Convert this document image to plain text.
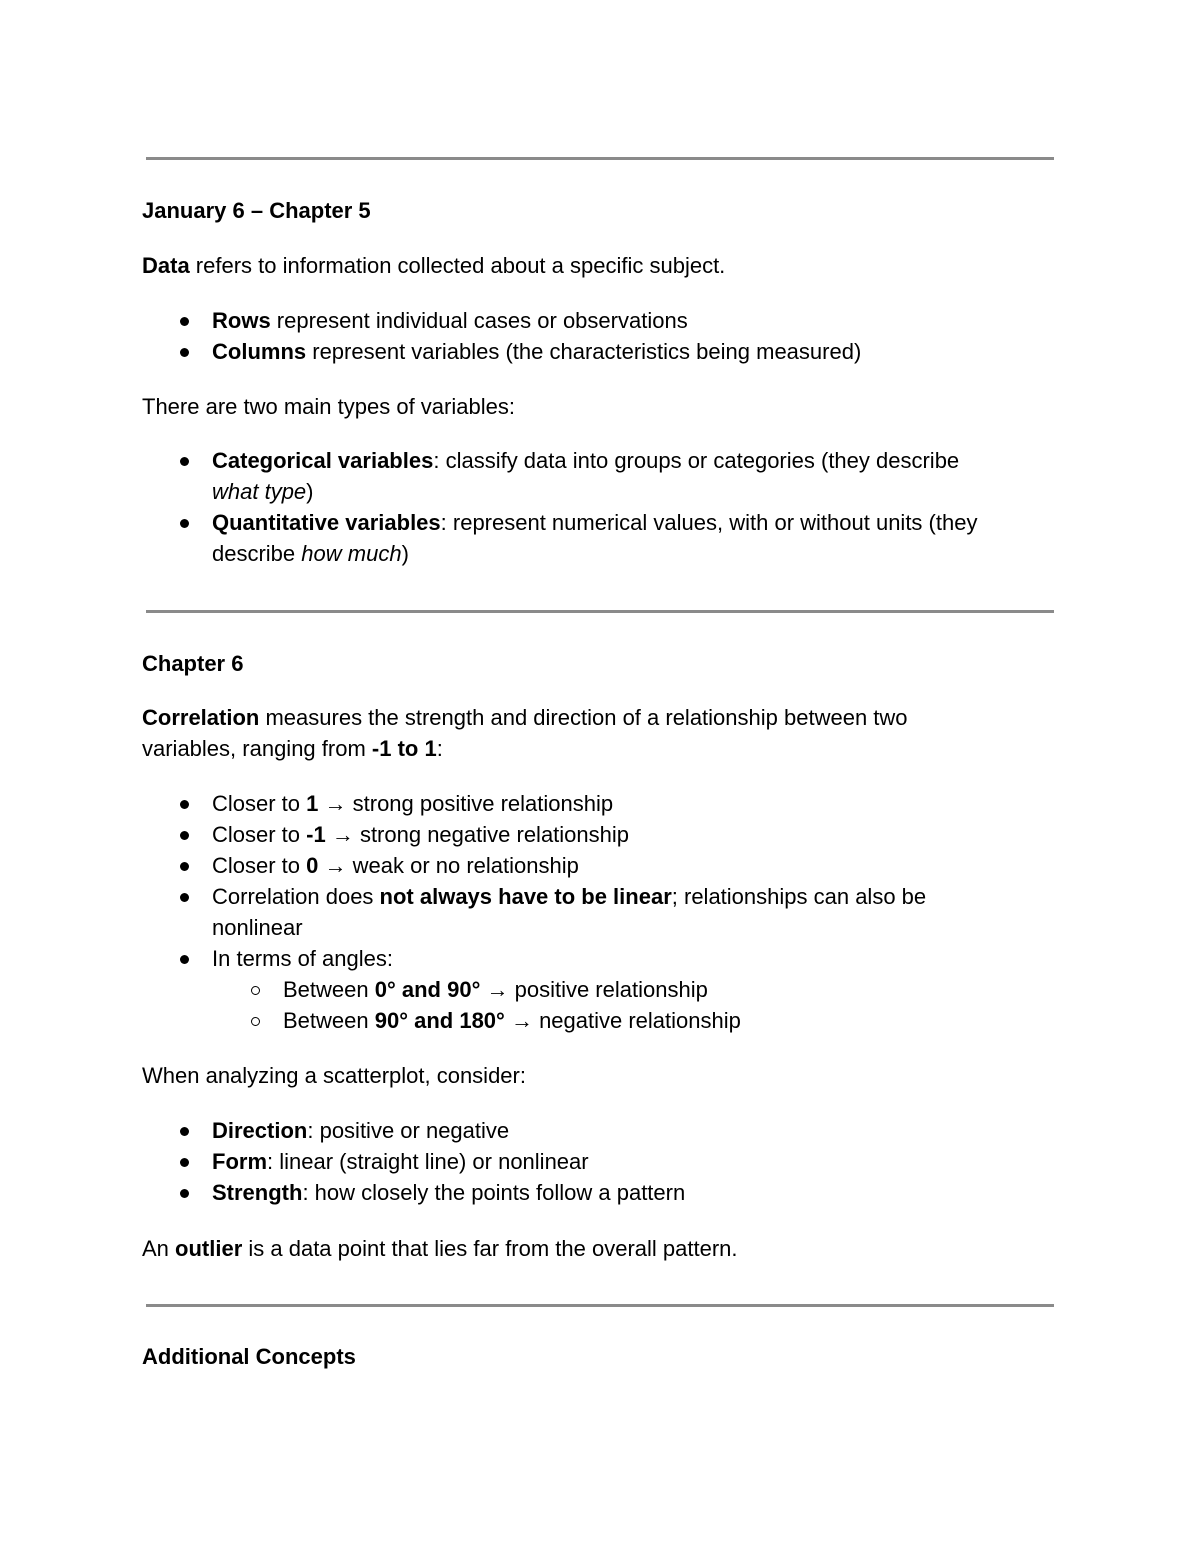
January 6 – Chapter 5

Data refers to information collected about a specific subject.

Rows represent individual cases or observations
Columns represent variables (the characteristics being measured)

There are two main types of variables:

Categorical variables: classify data into groups or categories (they describe
what type)
Quantitative variables: represent numerical values, with or without units (they
describe how much)

Chapter 6

Correlation measures the strength and direction of a relationship between two
variables, ranging from -1 to 1:

Closer to 1 → strong positive relationship
Closer to -1 → strong negative relationship
Closer to 0 → weak or no relationship
Correlation does not always have to be linear; relationships can also be
nonlinear
In terms of angles:
Between 0° and 90° → positive relationship
Between 90° and 180° → negative relationship

When analyzing a scatterplot, consider:

Direction: positive or negative
Form: linear (straight line) or nonlinear
Strength: how closely the points follow a pattern

An outlier is a data point that lies far from the overall pattern.

Additional Concepts
